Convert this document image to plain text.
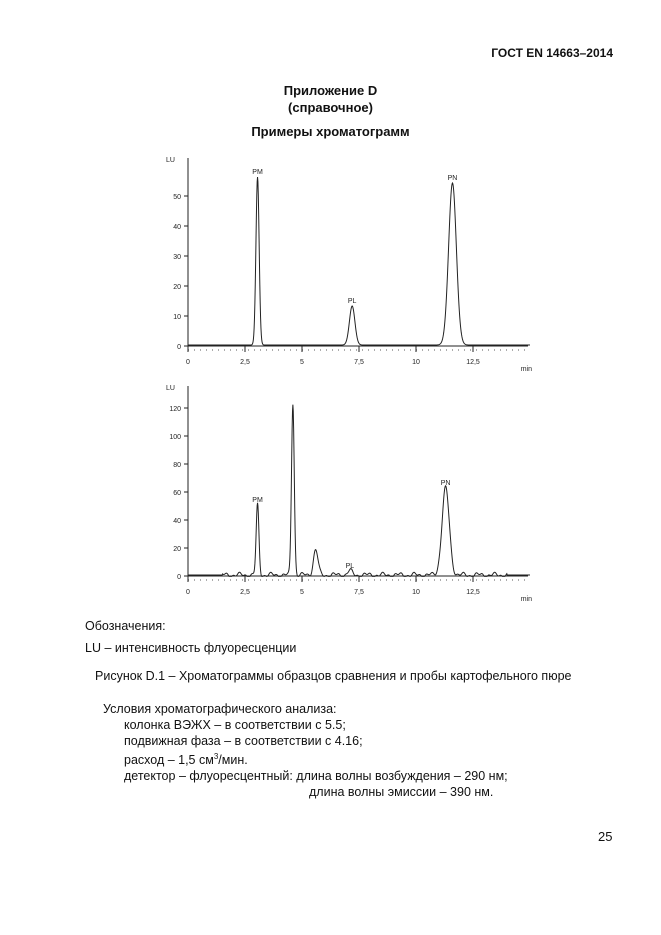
ГОСТ EN 14663–2014
Приложение D
(справочное)
Примеры хроматограмм
0
10
20
30
40
50
LU
0	2,5	5	7,5	10	12,5
min
PM
PL
PN
0
20
40
60
80
100
120
LU
0	2,5	5	7,5	10	12,5
min
PM
PL
PN
Обозначения:
LU – интенсивность флуоресценции
Рисунок D.1 – Хроматограммы образцов сравнения и пробы картофельного пюре
Условия хроматографического анализа:
колонка ВЭЖХ – в соответствии с 5.5;
подвижная фаза – в соответствии с 4.16;
расход – 1,5 $см^3$/мин.
детектор – флуоресцентный: длина волны возбуждения – 290 нм;
длина волны эмиссии – 390 нм.
25
